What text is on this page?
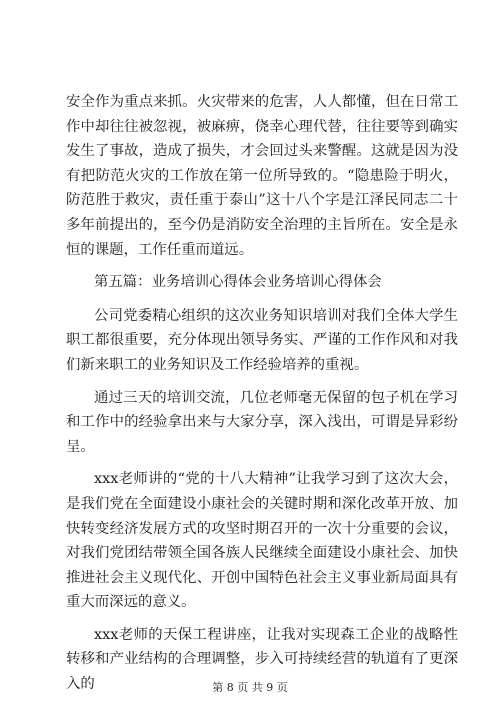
安全作为重点来抓。火灾带来的危害，人人都懂，但在日常工作中却往往被忽视，被麻痹，侥幸心理代替，往往要等到确实发生了事故，造成了损失，才会回过头来警醒。这就是因为没有把防范火灾的工作放在第一位所导致的。“隐患险于明火，防范胜于救灾，责任重于泰山”这十八个字是江泽民同志二十多年前提出的，至今仍是消防安全治理的主旨所在。安全是永恒的课题，工作任重而道远。

第五篇：业务培训心得体会业务培训心得体会

公司党委精心组织的这次业务知识培训对我们全体大学生职工都很重要，充分体现出领导务实、严谨的工作作风和对我们新来职工的业务知识及工作经验培养的重视。

通过三天的培训交流，几位老师毫无保留的包子机在学习和工作中的经验拿出来与大家分享，深入浅出，可谓是异彩纷呈。

xxx老师讲的“党的十八大精神”让我学习到了这次大会，是我们党在全面建设小康社会的关键时期和深化改革开放、加快转变经济发展方式的攻坚时期召开的一次十分重要的会议，对我们党团结带领全国各族人民继续全面建设小康社会、加快推进社会主义现代化、开创中国特色社会主义事业新局面具有重大而深远的意义。

xxx老师的天保工程讲座，让我对实现森工企业的战略性转移和产业结构的合理调整，步入可持续经营的轨道有了更深入的	第 8 页 共 9 页
